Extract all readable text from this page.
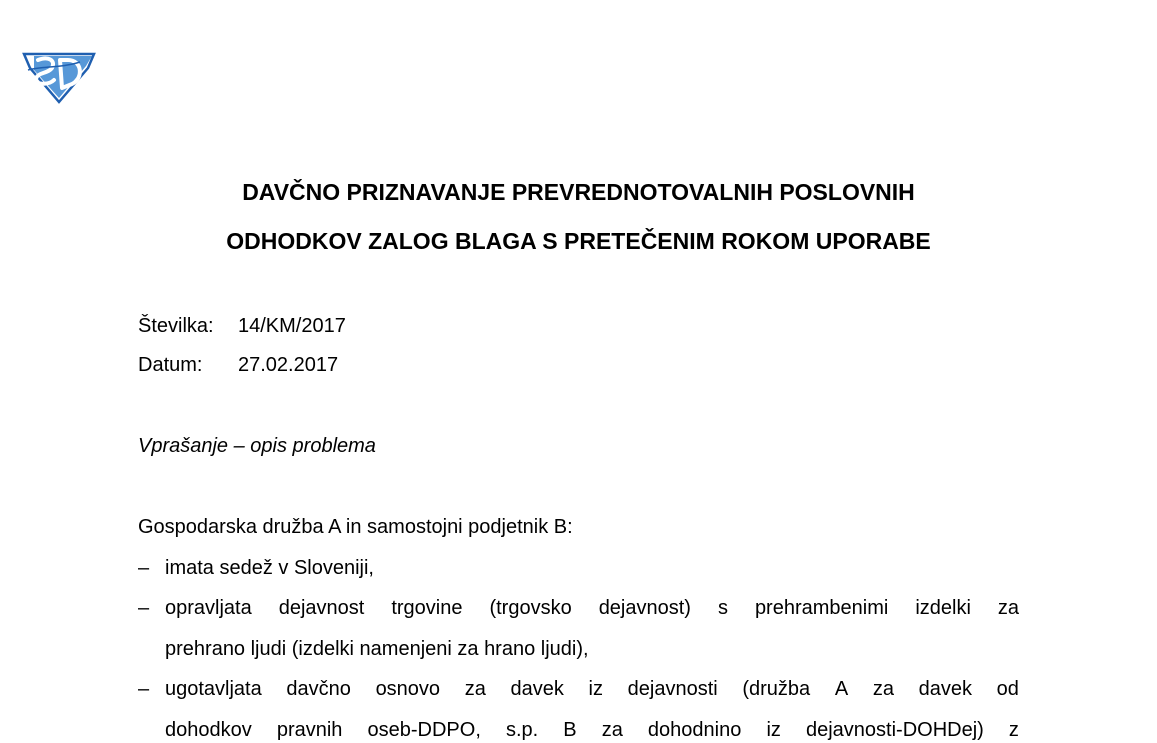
DAVČNO PRIZNAVANJE PREVREDNOTOVALNIH POSLOVNIH
ODHODKOV ZALOG BLAGA S PRETEČENIM ROKOM UPORABE
Številka: 14/KM/2017
Datum: 27.02.2017
Vprašanje – opis problema
Gospodarska družba A in samostojni podjetnik B:
– imata sedež v Sloveniji,
– opravljata dejavnost trgovine (trgovsko dejavnost) s prehrambenimi izdelki za
prehrano ljudi (izdelki namenjeni za hrano ljudi),
– ugotavljata davčno osnovo za davek iz dejavnosti (družba A za davek od
dohodkov pravnih oseb-DDPO, s.p. B za dohodnino iz dejavnosti-DOHDej) z
